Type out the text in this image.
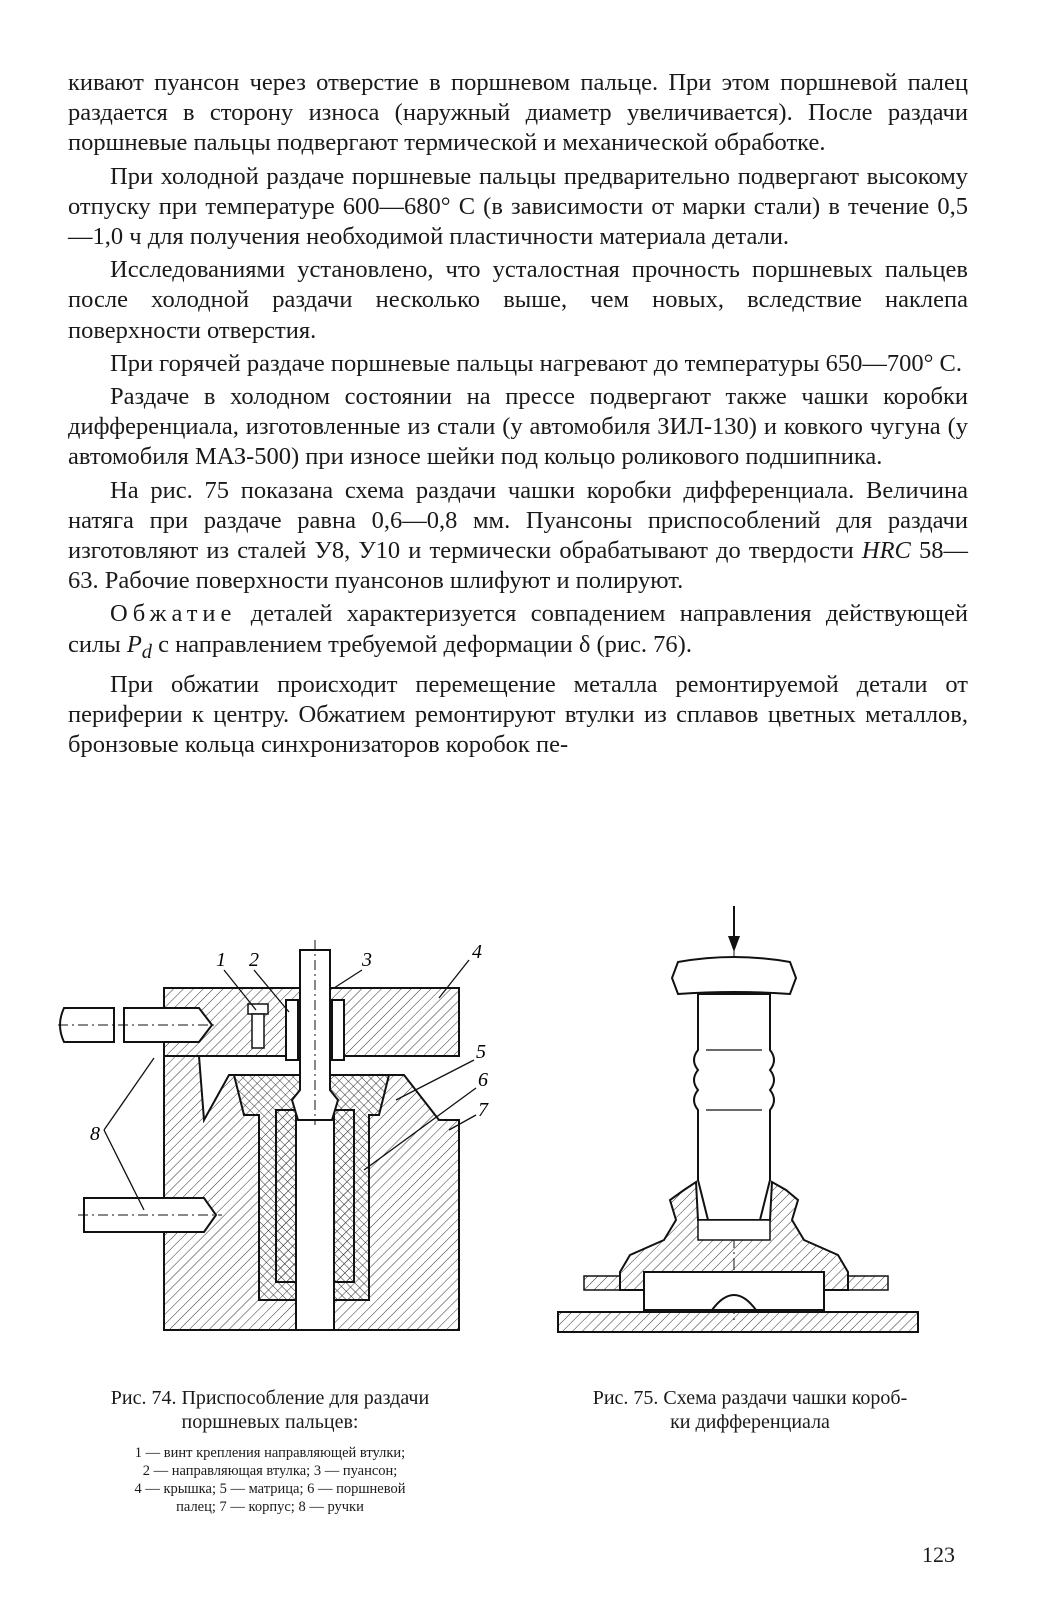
кивают пуансон через отверстие в поршневом пальце. При этом поршневой палец раздается в сторону износа (наружный диаметр увеличивается). После раздачи поршневые пальцы подвергают термической и механической обработке.

При холодной раздаче поршневые пальцы предварительно подвергают высокому отпуску при температуре 600—680° С (в зависимости от марки стали) в течение 0,5—1,0 ч для получения необходимой пластичности материала детали.

Исследованиями установлено, что усталостная прочность поршневых пальцев после холодной раздачи несколько выше, чем новых, вследствие наклепа поверхности отверстия.

При горячей раздаче поршневые пальцы нагревают до температуры 650—700° С.

Раздаче в холодном состоянии на прессе подвергают также чашки коробки дифференциала, изготовленные из стали (у автомобиля ЗИЛ-130) и ковкого чугуна (у автомобиля МАЗ-500) при износе шейки под кольцо роликового подшипника.

На рис. 75 показана схема раздачи чашки коробки дифференциала. Величина натяга при раздаче равна 0,6—0,8 мм. Пуансоны приспособлений для раздачи изготовляют из сталей У8, У10 и термически обрабатывают до твердости HRC 58—63. Рабочие поверхности пуансонов шлифуют и полируют.

Обжатие деталей характеризуется совпадением направления действующей силы $P_d$ с направлением требуемой деформации δ (рис. 76).

При обжатии происходит перемещение металла ремонтируемой детали от периферии к центру. Обжатием ремонтируют втулки из сплавов цветных металлов, бронзовые кольца синхронизаторов коробок пе-

1 2	3	4
5
6
7
8
Рис. 74. Приспособление для раздачи
поршневых пальцев:
1 — винт крепления направляющей втулки;
2 — направляющая втулка; 3 — пуансон;
4 — крышка; 5 — матрица; 6 — поршневой
палец; 7 — корпус; 8 — ручки
Рис. 75. Схема раздачи чашки короб-
ки дифференциала
123
